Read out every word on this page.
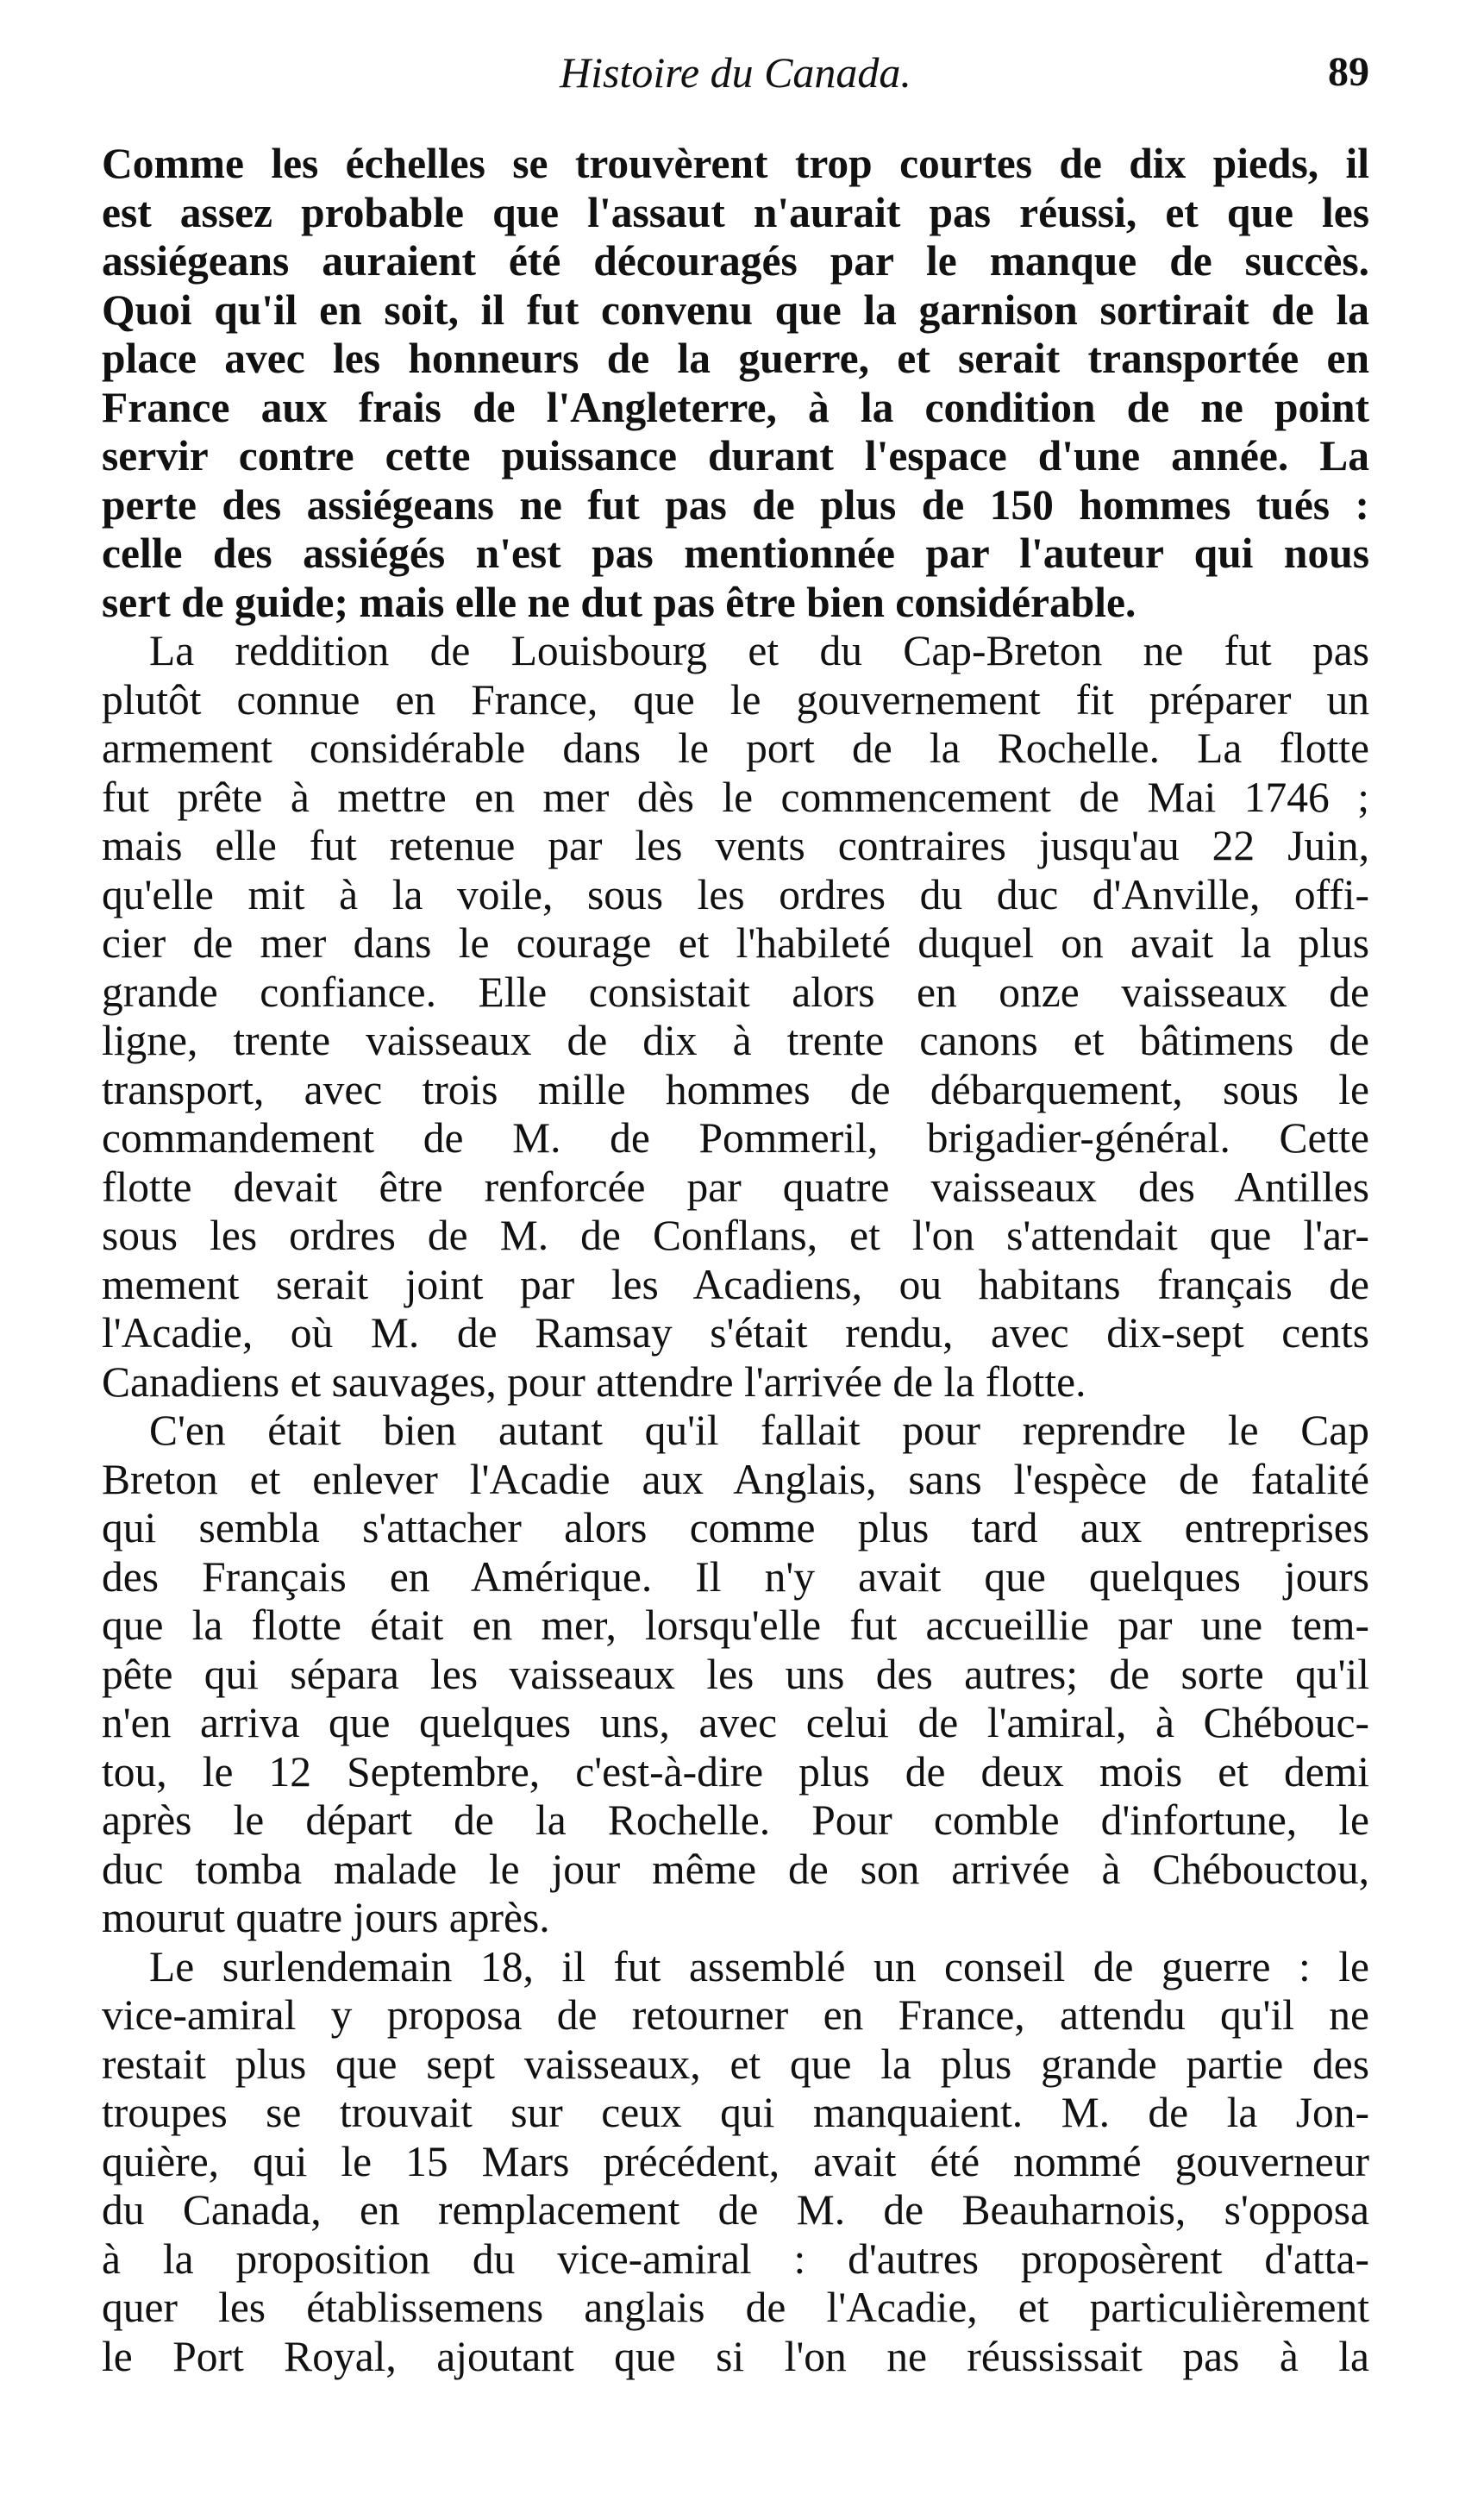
Histoire du Canada.	89
Comme les échelles se trouvèrent trop courtes de dix pieds, il
est assez probable que l'assaut n'aurait pas réussi, et que les
assiégeans auraient été découragés par le manque de succès.
Quoi qu'il en soit, il fut convenu que la garnison sortirait de la
place avec les honneurs de la guerre, et serait transportée en
France aux frais de l'Angleterre, à la condition de ne point
servir contre cette puissance durant l'espace d'une année. La
perte des assiégeans ne fut pas de plus de 150 hommes tués :
celle des assiégés n'est pas mentionnée par l'auteur qui nous
sert de guide; mais elle ne dut pas être bien considérable.
La reddition de Louisbourg et du Cap-Breton ne fut pas
plutôt connue en France, que le gouvernement fit préparer un
armement considérable dans le port de la Rochelle. La flotte
fut prête à mettre en mer dès le commencement de Mai 1746 ;
mais elle fut retenue par les vents contraires jusqu'au 22 Juin,
qu'elle mit à la voile, sous les ordres du duc d'Anville, offi-
cier de mer dans le courage et l'habileté duquel on avait la plus
grande confiance. Elle consistait alors en onze vaisseaux de
ligne, trente vaisseaux de dix à trente canons et bâtimens de
transport, avec trois mille hommes de débarquement, sous le
commandement de M. de Pommeril, brigadier-général. Cette
flotte devait être renforcée par quatre vaisseaux des Antilles
sous les ordres de M. de Conflans, et l'on s'attendait que l'ar-
mement serait joint par les Acadiens, ou habitans français de
l'Acadie, où M. de Ramsay s'était rendu, avec dix-sept cents
Canadiens et sauvages, pour attendre l'arrivée de la flotte.
C'en était bien autant qu'il fallait pour reprendre le Cap
Breton et enlever l'Acadie aux Anglais, sans l'espèce de fatalité
qui sembla s'attacher alors comme plus tard aux entreprises
des Français en Amérique. Il n'y avait que quelques jours
que la flotte était en mer, lorsqu'elle fut accueillie par une tem-
pête qui sépara les vaisseaux les uns des autres; de sorte qu'il
n'en arriva que quelques uns, avec celui de l'amiral, à Chébouc-
tou, le 12 Septembre, c'est-à-dire plus de deux mois et demi
après le départ de la Rochelle. Pour comble d'infortune, le
duc tomba malade le jour même de son arrivée à Chébouctou,
mourut quatre jours après.
Le surlendemain 18, il fut assemblé un conseil de guerre : le
vice-amiral y proposa de retourner en France, attendu qu'il ne
restait plus que sept vaisseaux, et que la plus grande partie des
troupes se trouvait sur ceux qui manquaient. M. de la Jon-
quière, qui le 15 Mars précédent, avait été nommé gouverneur
du Canada, en remplacement de M. de Beauharnois, s'opposa
à la proposition du vice-amiral : d'autres proposèrent d'atta-
quer les établissemens anglais de l'Acadie, et particulièrement
le Port Royal, ajoutant que si l'on ne réussissait pas à la
